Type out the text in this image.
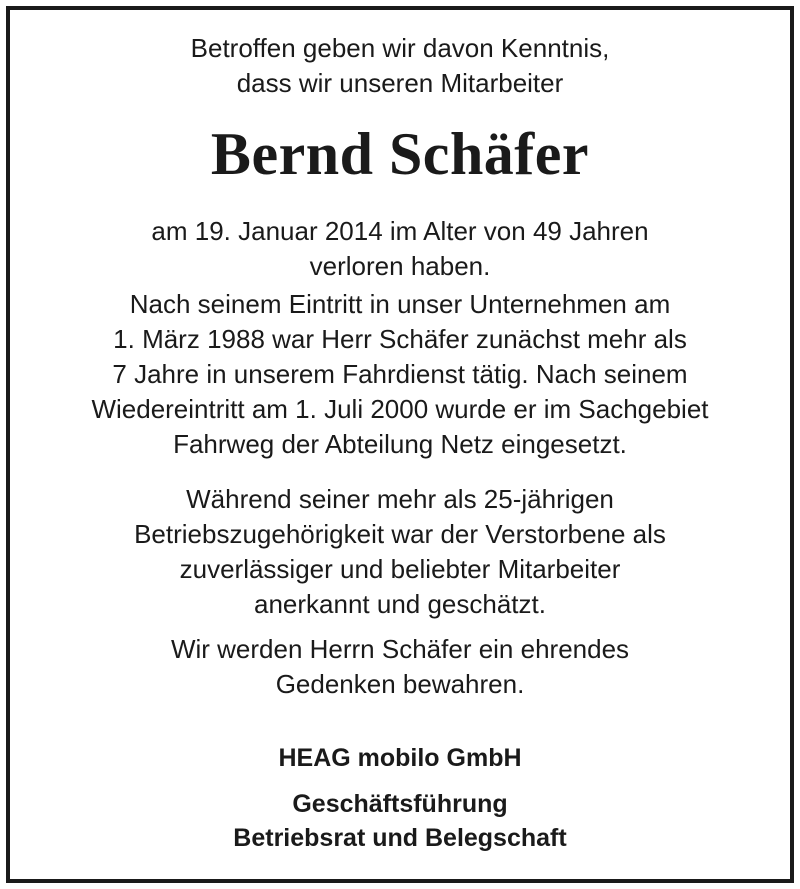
Betroffen geben wir davon Kenntnis,
dass wir unseren Mitarbeiter
Bernd Schäfer
am 19. Januar 2014 im Alter von 49 Jahren
verloren haben.
Nach seinem Eintritt in unser Unternehmen am
1. März 1988 war Herr Schäfer zunächst mehr als
7 Jahre in unserem Fahrdienst tätig. Nach seinem
Wiedereintritt am 1. Juli 2000 wurde er im Sachgebiet
Fahrweg der Abteilung Netz eingesetzt.
Während seiner mehr als 25-jährigen
Betriebszugehörigkeit war der Verstorbene als
zuverlässiger und beliebter Mitarbeiter
anerkannt und geschätzt.
Wir werden Herrn Schäfer ein ehrendes
Gedenken bewahren.
HEAG mobilo GmbH
Geschäftsführung
Betriebsrat und Belegschaft
